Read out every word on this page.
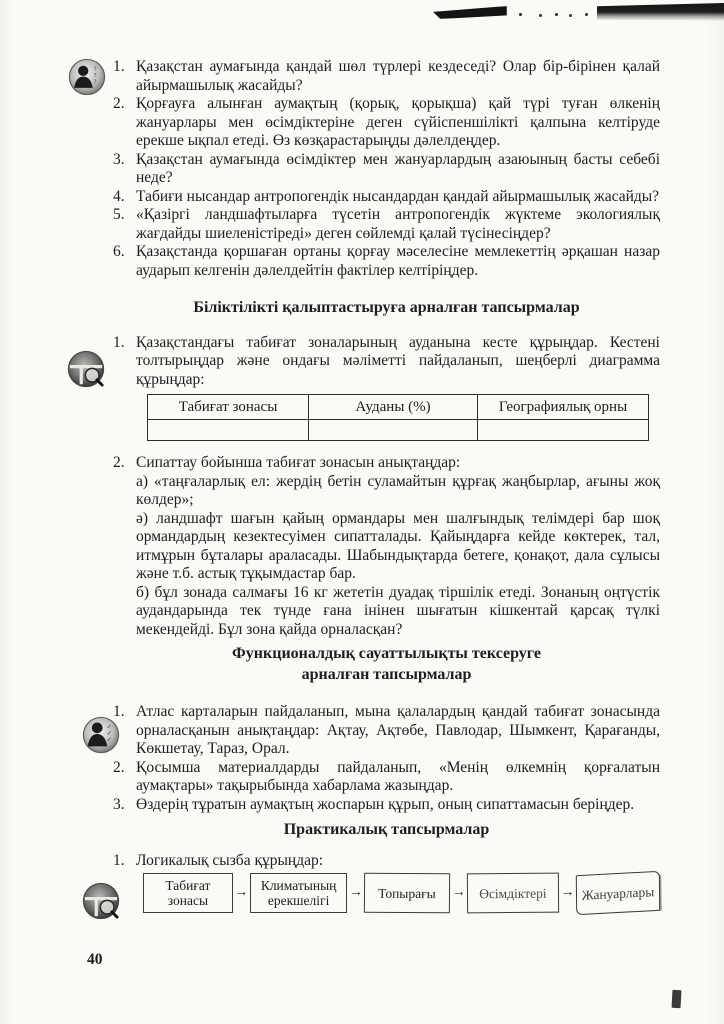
?
?
?
✓
✓
✓
1. Қазақстан аумағында қандай шөл түрлері кездеседі? Олар бір-бірінен қалай айырмашылық жасайды?

2. Қорғауға алынған аумақтың (қорық, қорықша) қай түрі туған өлкенің жануарлары мен өсімдіктеріне деген сүйіспеншілікті қалпына келтіруде ерекше ықпал етеді. Өз көзқарастарыңды дәлелдеңдер.

3. Қазақстан аумағында өсімдіктер мен жануарлардың азаюының басты себебі неде?

4. Табиғи нысандар антропогендік нысандардан қандай айырмашылық жасайды?

5. «Қазіргі ландшафтыларға түсетін антропогендік жүктеме экологиялық жағдайды шиеленістіреді» деген сөйлемді қалай түсінесіңдер?

6. Қазақстанда қоршаған ортаны қорғау мәселесіне мемлекеттің әрқашан назар аударып келгенін дәлелдейтін фактілер келтіріңдер.

Біліктілікті қалыптастыруға арналған тапсырмалар
1. Қазақстандағы табиғат зоналарының ауданына кесте құрыңдар. Кестені толтырыңдар және ондағы мәліметті пайдаланып, шеңберлі диаграмма құрыңдар:

Табиғат зонасы	Ауданы (%)	Географиялық орны

2. Сипаттау бойынша табиғат зонасын анықтаңдар:

а) «таңғаларлық ел: жердің бетін суламайтын құрғақ жаңбырлар, ағыны жоқ көлдер»;

ә) ландшафт шағын қайың ормандары мен шалғындық телімдері бар шоқ ормандардың кезектесуімен сипатталады. Қайыңдарға кейде көктерек, тал, итмұрын бұталары араласады. Шабындықтарда бетеге, қонақот, дала сұлысы және т.б. астық тұқымдастар бар.

б) бұл зонада салмағы 16 кг жететін дуадақ тіршілік етеді. Зонаның оңтүстік аудандарында тек түнде ғана інінен шығатын кішкентай қарсақ түлкі мекендейді. Бұл зона қайда орналасқан?

Функционалдық сауаттылықты тексеруге
арналған тапсырмалар
1. Атлас карталарын пайдаланып, мына қалалардың қандай табиғат зонасында орналасқанын анықтаңдар: Ақтау, Ақтөбе, Павлодар, Шымкент, Қарағанды, Көкшетау, Тараз, Орал.

2. Қосымша материалдарды пайдаланып, «Менің өлкемнің қорғалатын аумақтары» тақырыбында хабарлама жазыңдар.

3. Өздерің тұратын аумақтың жоспарын құрып, оның сипаттамасын беріңдер.

Практикалық тапсырмалар
1. Логикалық сызба құрыңдар:

Табиғат зонасы
→ Климатының ерекшелігі
→	Топырағы	→	Өсімдіктері → Жануарлары
40
